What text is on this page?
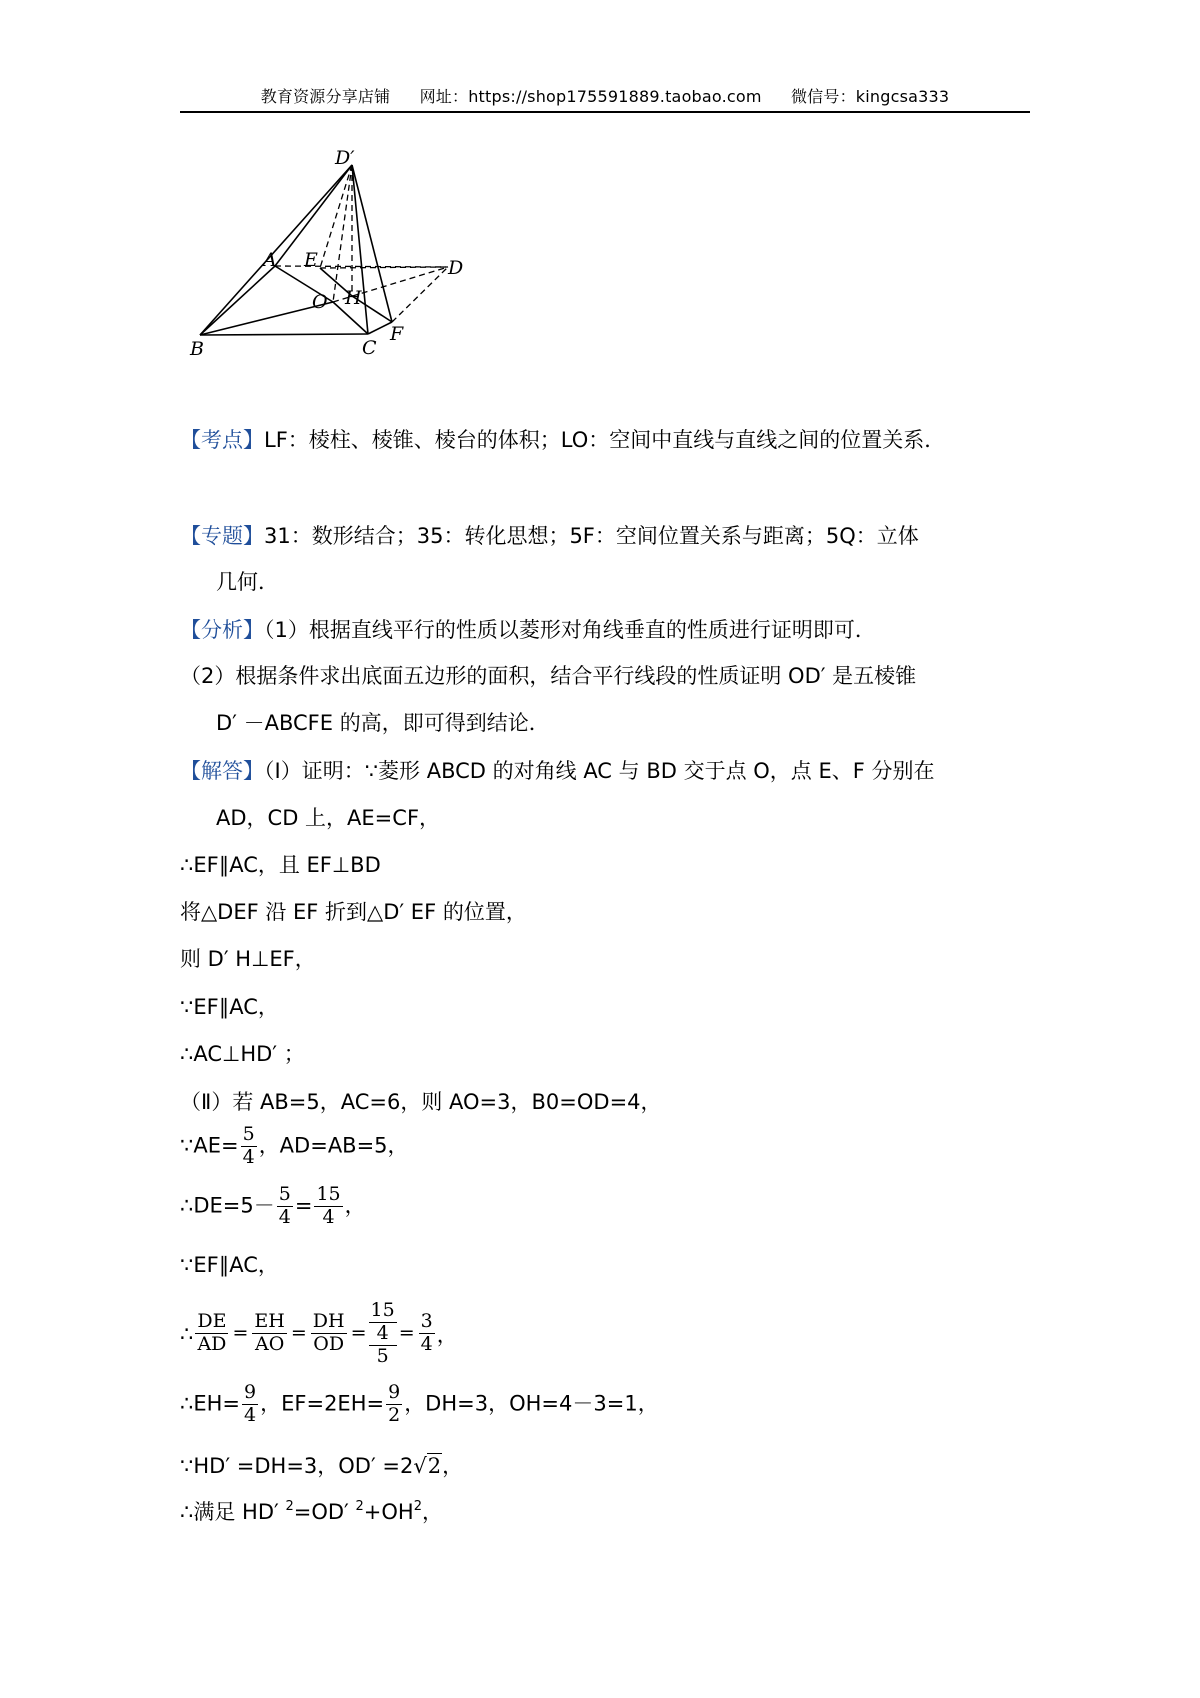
教育资源分享店铺 网址：https://shop175591889.taobao.com 微信号：kingcsa333
D′
A E	D
O H
B	C
F
【考点】LF：棱柱、棱锥、棱台的体积；LO：空间中直线与直线之间的位置关系．
【专题】31：数形结合；35：转化思想；5F：空间位置关系与距离；5Q：立体
几何．
【分析】（1）根据直线平行的性质以菱形对角线垂直的性质进行证明即可．
（2）根据条件求出底面五边形的面积，结合平行线段的性质证明 OD′ 是五棱锥
D′ －ABCFE 的高，即可得到结论．
【解答】（Ⅰ）证明：∵菱形 ABCD 的对角线 AC 与 BD 交于点 O，点 E、F 分别在
AD，CD 上，AE=CF，
∴EF∥AC，且 EF⊥BD
将△DEF 沿 EF 折到△D′ EF 的位置，
则 D′ H⊥EF，
∵EF∥AC，
∴AC⊥HD′ ；
（Ⅱ）若 AB=5，AC=6，则 AO=3，B0=OD=4，
∵AE= $\frac{5}{4}$ ，AD=AB=5，
∴DE=5－ $\frac{5}{4} = \frac{15}{4}$ ，
∵EF∥AC，
∴ $\frac{DE}{AD} = \frac{EH}{AO} = \frac{DH}{OD} = \frac{15}{4}$
5
= $\frac{3}{4}$ ，
∴EH= $\frac{9}{4}$ ，$EF=2EH= \frac{9}{2}$ ，DH=3，OH=4－3=1，
∵HD′ =DH=3，OD′ =2√2，
∴满足 HD′ $^2$=OD′ $^2+OH^2$，
